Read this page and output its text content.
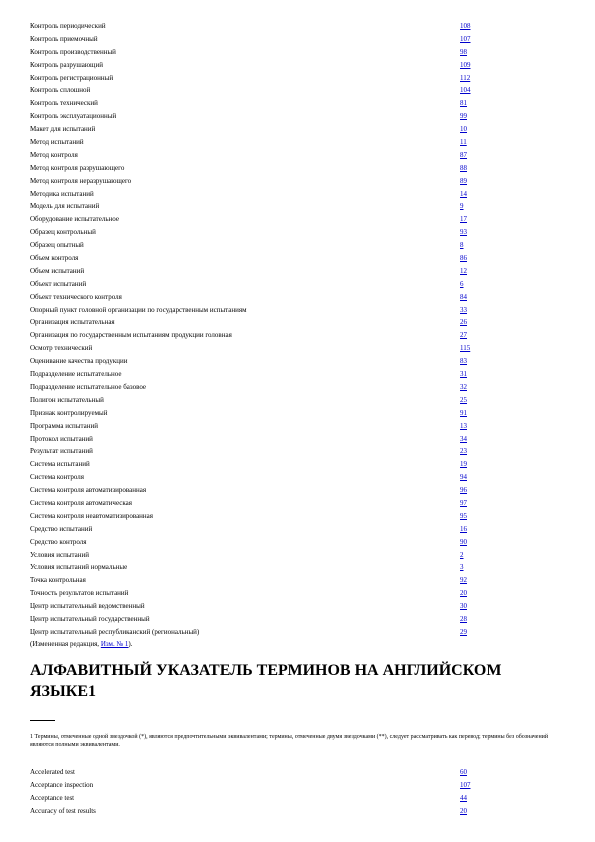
Контроль периодический	108
Контроль приемочный	107
Контроль производственный	98
Контроль разрушающий	109
Контроль регистрационный	112
Контроль сплошной	104
Контроль технический	81
Контроль эксплуатационный	99
Макет для испытаний	10
Метод испытаний	11
Метод контроля	87
Метод контроля разрушающего	88
Метод контроля неразрушающего	89
Методика испытаний	14
Модель для испытаний	9
Оборудование испытательное	17
Образец контрольный	93
Образец опытный	8
Объем контроля	86
Объем испытаний	12
Объект испытаний	6
Объект технического контроля	84
Опорный пункт головной организации по государственным испытаниям	33
Организация испытательная	26
Организация по государственным испытаниям продукции головная	27
Осмотр технический	115
Оценивание качества продукции	83
Подразделение испытательное	31
Подразделение испытательное базовое	32
Полигон испытательный	25
Признак контролируемый	91
Программа испытаний	13
Протокол испытаний	34
Результат испытаний	23
Система испытаний	19
Система контроля	94
Система контроля автоматизированная	96
Система контроля автоматическая	97
Система контроля неавтоматизированная	95
Средство испытаний	16
Средство контроля	90
Условия испытаний	2
Условия испытаний нормальные	3
Точка контрольная	92
Точность результатов испытаний	20
Центр испытательный ведомственный	30
Центр испытательный государственный	28
Центр испытательный республиканский (региональный)	29
(Измененная редакция, Изм. № 1).
АЛФАВИТНЫЙ УКАЗАТЕЛЬ ТЕРМИНОВ НА АНГЛИЙСКОМ ЯЗЫКЕ1
1 Термины, отмеченные одной звездочкой (*), являются предпочтительными эквивалентами; термины, отмеченные двумя звездочками (**), следует рассматривать как перевод; термины без обозначений являются полными эквивалентами.
Accelerated test	60
Acceptance inspection	107
Acceptance test	44
Accuracy of test results	20
